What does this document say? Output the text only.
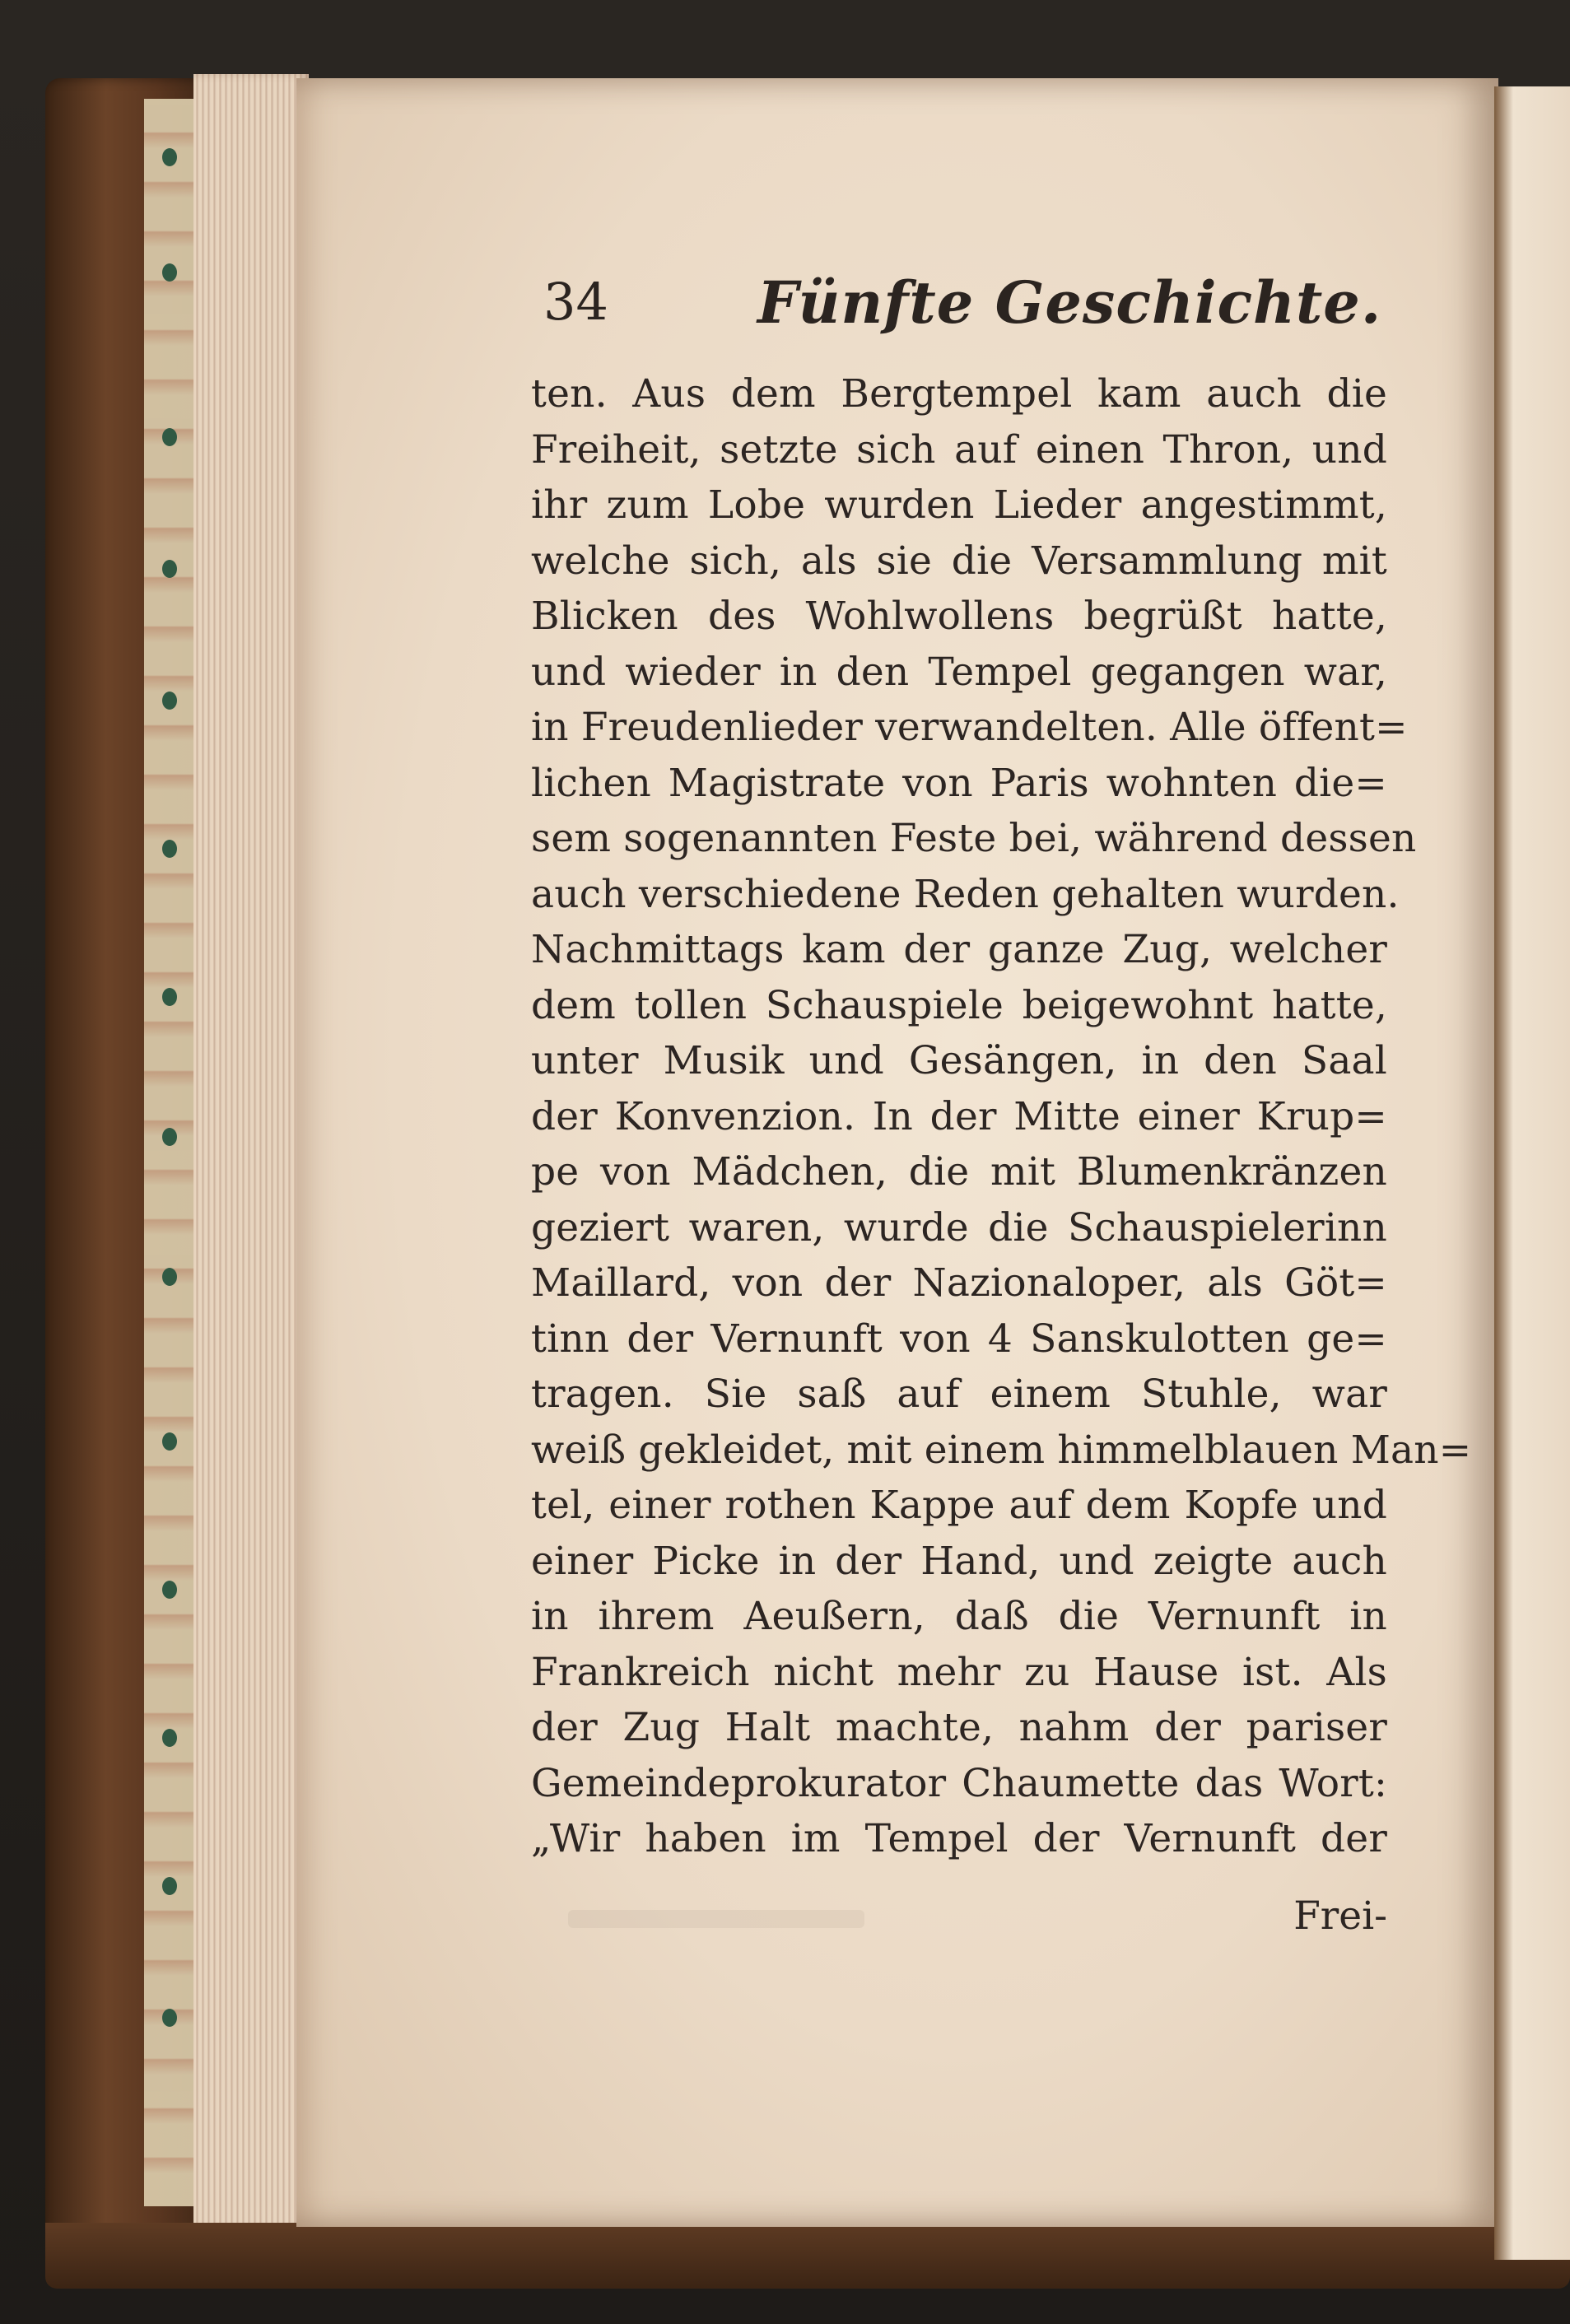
34	Fünfte Geschichte.
ten. Aus dem Bergtempel kam auch die
Freiheit, setzte sich auf einen Thron, und
ihr zum Lobe wurden Lieder angestimmt,
welche sich, als sie die Versammlung mit
Blicken des Wohlwollens begrüßt hatte,
und wieder in den Tempel gegangen war,
in Freudenlieder verwandelten. Alle öffent=
lichen Magistrate von Paris wohnten die=
sem sogenannten Feste bei, während dessen
auch verschiedene Reden gehalten wurden.
Nachmittags kam der ganze Zug, welcher
dem tollen Schauspiele beigewohnt hatte,
unter Musik und Gesängen, in den Saal
der Konvenzion. In der Mitte einer Krup=
pe von Mädchen, die mit Blumenkränzen
geziert waren, wurde die Schauspielerinn
Maillard, von der Nazionaloper, als Göt=
tinn der Vernunft von 4 Sanskulotten ge=
tragen. Sie saß auf einem Stuhle, war
weiß gekleidet, mit einem himmelblauen Man=
tel, einer rothen Kappe auf dem Kopfe und
einer Picke in der Hand, und zeigte auch
in ihrem Aeußern, daß die Vernunft in
Frankreich nicht mehr zu Hause ist. Als
der Zug Halt machte, nahm der pariser
Gemeindeprokurator Chaumette das Wort:
„Wir haben im Tempel der Vernunft der
Frei-
